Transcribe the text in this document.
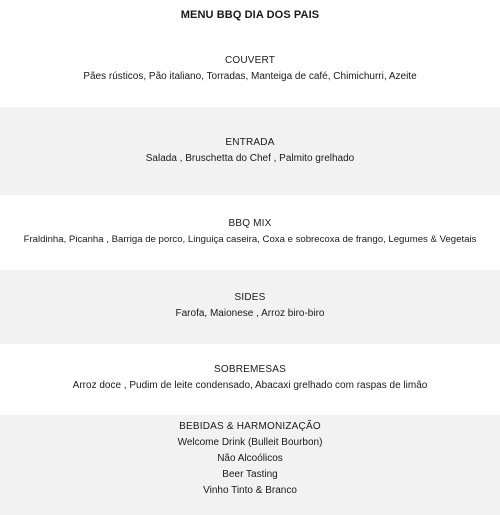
MENU BBQ DIA DOS PAIS
COUVERT
Pães rústicos, Pão italiano, Torradas, Manteiga de café, Chimichurri, Azeite
ENTRADA
Salada , Bruschetta do Chef , Palmito grelhado
BBQ MIX
Fraldinha, Picanha , Barriga de porco, Linguiça caseira, Coxa e sobrecoxa de frango, Legumes & Vegetais
SIDES
Farofa, Maionese , Arroz biro-biro
SOBREMESAS
Arroz doce , Pudim de leite condensado, Abacaxi grelhado com raspas de limão
BEBIDAS & HARMONIZAÇÃO
Welcome Drink (Bulleit Bourbon)
Não Alcoólicos
Beer Tasting
Vinho Tinto & Branco
